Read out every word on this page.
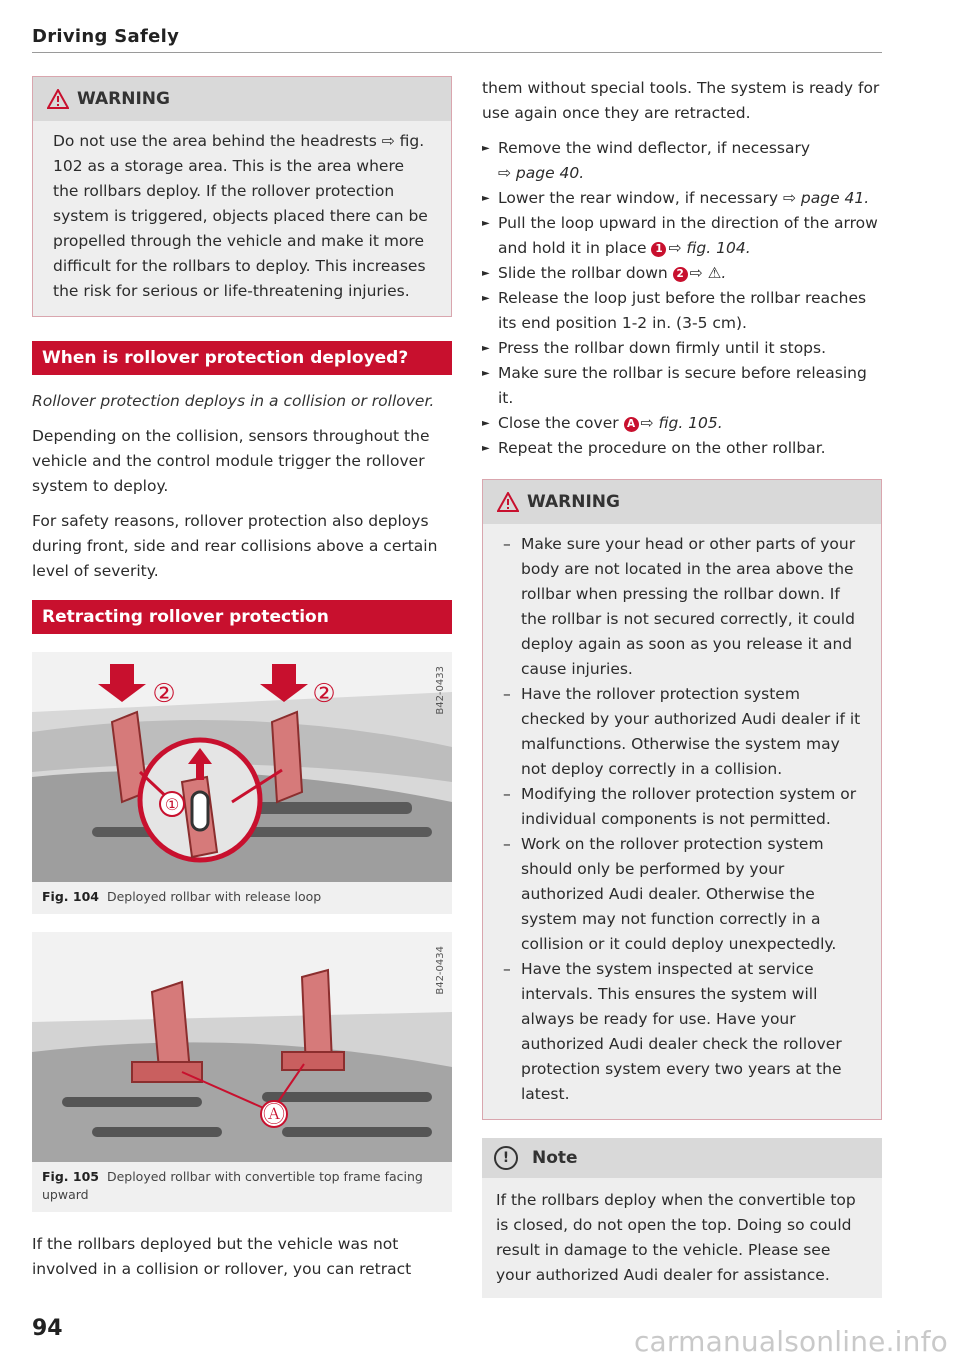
Driving Safely
WARNING

Do not use the area behind the headrests ⇨ fig. 102 as a storage area. This is the area where the rollbars deploy. If the rollover protection system is triggered, objects placed there can be propelled through the vehicle and make it more difficult for the rollbars to deploy. This increases the risk for serious or life-threatening injuries.

When is rollover protection deployed?

Rollover protection deploys in a collision or rollover.

Depending on the collision, sensors throughout the vehicle and the control module trigger the rollover system to deploy.

For safety reasons, rollover protection also deploys during front, side and rear collisions above a certain level of severity.

Retracting rollover protection
①
②	②	B42-0433
Fig. 104 Deployed rollbar with release loop
Ⓐ
B42-0434
Fig. 105 Deployed rollbar with convertible top frame facing upward

If the rollbars deployed but the vehicle was not involved in a collision or rollover, you can retract

them without special tools. The system is ready for use again once they are retracted.

► Remove the wind deflector, if necessary
⇨ page 40.
► Lower the rear window, if necessary ⇨ page 41.
► Pull the loop upward in the direction of the arrow and hold it in place 1 ⇨ fig. 104.
► Slide the rollbar down 2 ⇨ ⚠.
► Release the loop just before the rollbar reaches its end position 1-2 in. (3-5 cm).
► Press the rollbar down firmly until it stops.
► Make sure the rollbar is secure before releasing it.
► Close the cover A ⇨ fig. 105.
► Repeat the procedure on the other rollbar.
WARNING
– Make sure your head or other parts of your body are not located in the area above the rollbar when pressing the rollbar down. If the rollbar is not secured correctly, it could deploy again as soon as you release it and cause injuries.
– Have the rollover protection system checked by your authorized Audi dealer if it malfunctions. Otherwise the system may not deploy correctly in a collision.
– Modifying the rollover protection system or individual components is not permitted.
– Work on the rollover protection system should only be performed by your authorized Audi dealer. Otherwise the system may not function correctly in a collision or it could deploy unexpectedly.
– Have the system inspected at service intervals. This ensures the system will always be ready for use. Have your authorized Audi dealer check the rollover protection system every two years at the latest.
!	Note
If the rollbars deploy when the convertible top is closed, do not open the top. Doing so could result in damage to the vehicle. Please see your authorized Audi dealer for assistance.
94	carmanualsonline.info
